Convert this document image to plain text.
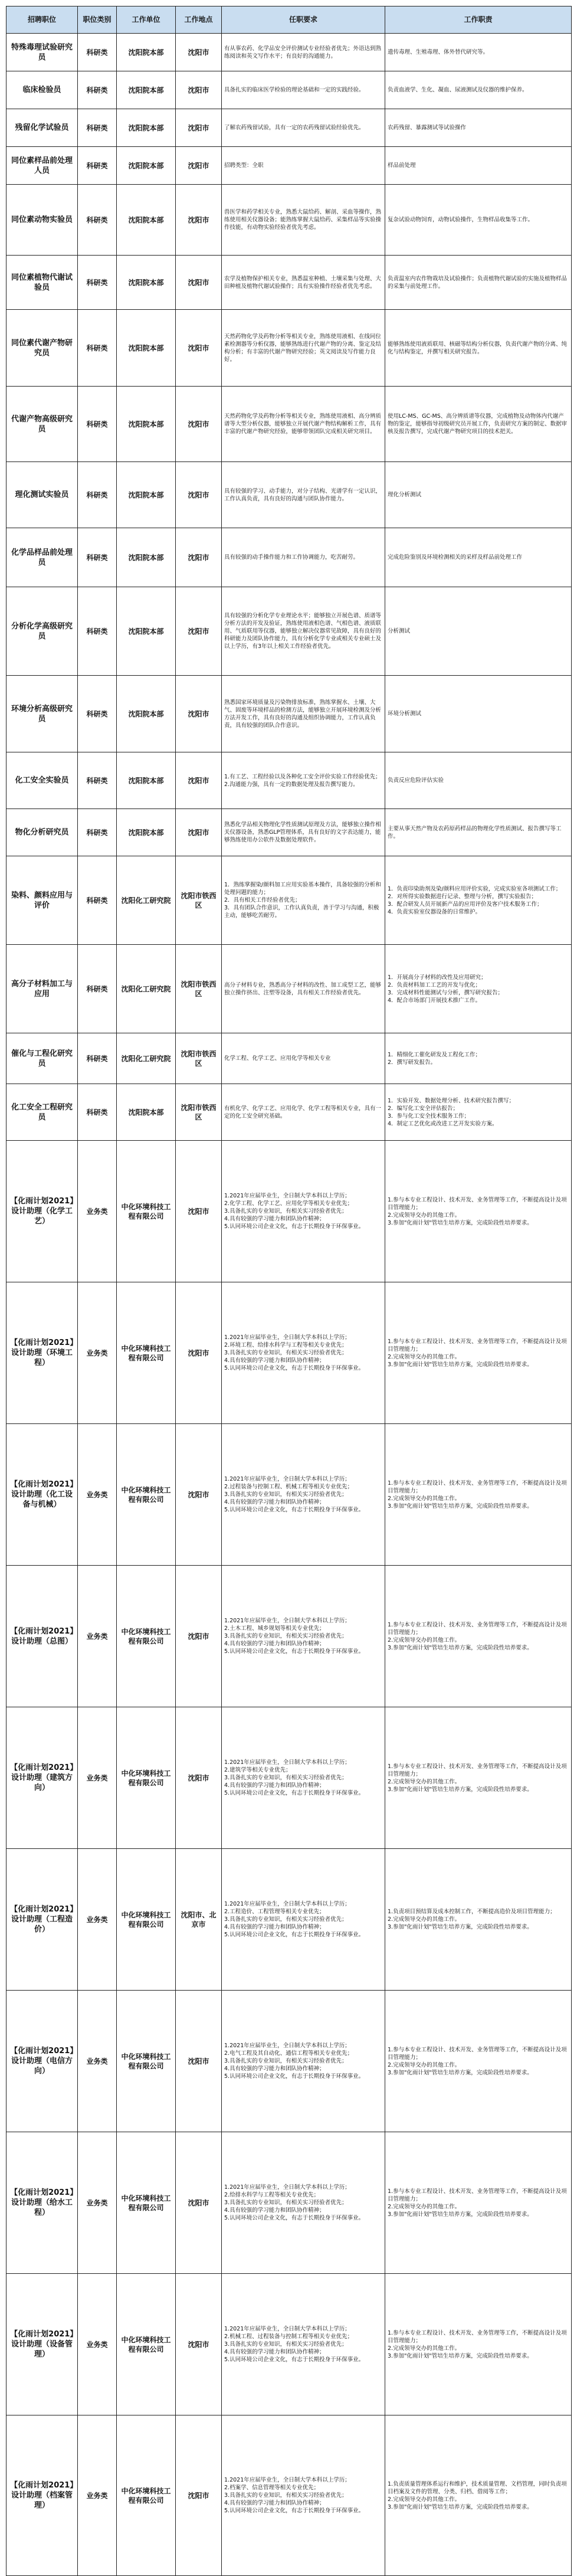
招聘职位	职位类别	工作单位	工作地点	任职要求	工作职责
特殊毒理试验研究员	科研类	沈阳院本部	沈阳市	有从事农药、化学品安全评价测试专业经验者优先；外语达到熟练阅读和英文写作水平；有良好的沟通能力。	遗传毒理、生殖毒理、体外替代研究等。

临床检验员	科研类	沈阳院本部	沈阳市	具备扎实的临床医学检验的理论基础和一定的实践经验。	负责血液学、生化、凝血、尿液测试及仪器的维护保养。

残留化学试验员	科研类	沈阳院本部	沈阳市	了解农药残留试验，具有一定的农药残留试验经验优先。	农药残留、暴露测试等试验操作

同位素样品前处理人员	科研类	沈阳院本部	沈阳市	招聘类型：全职	样品前处理

同位素动物实验员	科研类	沈阳院本部	沈阳市	兽医学和药学相关专业，熟悉大鼠给药、解剖、采血等操作，熟练使用相关仪器设备；能熟练掌握大鼠给药、采集样品等实验操作技能，有动物实验经验者优先考虑。	复杂试验动物饲育，动物试验操作，生物样品收集等工作。

同位素植物代谢试验员	科研类	沈阳院本部	沈阳市	农学及植物保护相关专业，熟悉温室种植、土壤采集与处理、大田种植及植物代谢试验操作；具有实验操作经验者优先考虑。	负责温室内农作物栽培及试验操作；负责植物代谢试验的实施及植物样品的采集与前处理工作。

同位素代谢产物研究员	科研类	沈阳院本部	沈阳市	天然药物化学及药物分析等相关专业，熟练使用液相、在线同位素检测器等分析仪器，能够熟练进行代谢产物的分离、鉴定及结构分析；有丰富的代谢产物研究经验；英文阅读及写作能力良好。	能够熟练使用液质联用、核磁等结构分析仪器，负责代谢产物的分离、纯化与结构鉴定，并撰写相关研究报告。

代谢产物高级研究员	科研类	沈阳院本部	沈阳市	天然药物化学及药物分析等相关专业，熟练使用液相、高分辨质谱等大型分析仪器，能够独立开展代谢产物结构解析工作，具有丰富的代谢产物研究经验，能够带领团队完成相关研究项目。	使用LC-MS、GC-MS、高分辨质谱等仪器，完成植物及动物体内代谢产物的鉴定，能够指导初级研究员开展工作，负责研究方案的制定、数据审核及报告撰写，完成代谢产物研究项目的技术把关。

理化测试实验员	科研类	沈阳院本部	沈阳市	具有较强的学习、动手能力，对分子结构、光谱学有一定认识，工作认真负责，具有良好的沟通与团队协作能力。	理化分析测试

化学品样品前处理员	科研类	沈阳院本部	沈阳市	具有较强的动手操作能力和工作协调能力，吃苦耐劳。	完成危险鉴别及环境检测相关的采样及样品前处理工作

分析化学高级研究员	科研类	沈阳院本部	沈阳市	具有较强的分析化学专业理论水平；能够独立开展色谱、质谱等分析方法的开发及验证，熟练使用液相色谱、气相色谱、液质联用、气质联用等仪器，能够独立解决仪器常见故障，具有良好的科研能力及团队协作能力，具有分析化学专业或相关专业硕士及以上学历，有3年以上相关工作经验者优先。	分析测试

环境分析高级研究员	科研类	沈阳院本部	沈阳市	熟悉国家环境质量及污染物排放标准，熟练掌握水、土壤、大气、固废等环境样品的检测方法，能够独立开展环境检测及分析方法开发工作，具有良好的沟通及组织协调能力，工作认真负责，具有较强的团队合作意识。	环境分析测试

化工安全实验员	科研类	沈阳院本部	沈阳市	1.有工艺、工程经验以及各种化工安全评价实验工作经验优先；
2.沟通能力强，具有一定的数据处理及报告撰写能力。	负责反应危险评估实验

物化分析研究员	科研类	沈阳院本部	沈阳市	熟悉化学品相关物理化学性质测试原理及方法，能够独立操作相关仪器设备，熟悉GLP管理体系，具有良好的文字表达能力，能够熟练使用办公软件及数据处理软件。	主要从事天然产物及农药原药样品的物理化学性质测试、报告撰写等工作。

染料、颜料应用与评价	科研类	沈阳化工研究院	沈阳市铁西区	1．熟练掌握染/颜料加工应用实验基本操作，具备较强的分析和处理问题的能力；
2．具有相关工作经验者优先；
3．具有团队合作意识，工作认真负责，善于学习与沟通，积极主动，能够吃苦耐劳。	1．负责印染助剂及染/颜料应用评价实验，完成实验室各项测试工作；
2．对所得实验数据进行记录、整理与分析，撰写实验报告；
3．配合研发人员开展新产品的应用评价及客户技术服务工作；
4．负责实验室仪器设备的日常维护。

高分子材料加工与应用	科研类	沈阳化工研究院	沈阳市铁西区	高分子材料专业，熟悉高分子材料的改性、加工成型工艺，能够独立操作挤出、注塑等设备，具有相关工作经验者优先。	1．开展高分子材料的改性及应用研究；
2．负责材料加工工艺的开发与优化；
3．完成材料性能测试与分析，撰写研究报告；
4．配合市场部门开展技术推广工作。

催化与工程化研究员	科研类	沈阳化工研究院	沈阳市铁西区	化学工程、化学工艺、应用化学等相关专业	1．精细化工催化研发及工程化工作；
2．撰写研发报告。

化工安全工程研究员	科研类	沈阳院本部	沈阳市铁西区	有机化学、化学工艺、应用化学、化学工程等相关专业，具有一定的化工安全研究基础。	1．实验开发、数据处理分析、技术研究报告撰写；
2．编写化工安全评估报告；
3．参与化工安全技术服务工作；
4．制定工艺优化或改进工艺开发实验方案。

【化雨计划2021】设计助理（化学工艺）	业务类	中化环境科技工程有限公司	沈阳市	1.2021年应届毕业生，全日制大学本科以上学历；
2.化学工程、化学工艺、应用化学等相关专业优先；
3.具备扎实的专业知识，有相关实习经验者优先；
4.具有较强的学习能力和团队协作精神；
5.认同环境公司企业文化，有志于长期投身于环保事业。	1.参与本专业工程设计、技术开发、业务管理等工作，不断提高设计及项目管理能力；
2.完成领导交办的其他工作。
3.参加"化雨计划"管培生培养方案，完成阶段性培养要求。

【化雨计划2021】设计助理（环境工程）	业务类	中化环境科技工程有限公司	沈阳市	1.2021年应届毕业生，全日制大学本科以上学历；
2.环境工程、给排水科学与工程等相关专业优先；
3.具备扎实的专业知识，有相关实习经验者优先；
4.具有较强的学习能力和团队协作精神；
5.认同环境公司企业文化，有志于长期投身于环保事业。	1.参与本专业工程设计、技术开发、业务管理等工作，不断提高设计及项目管理能力；
2.完成领导交办的其他工作。
3.参加"化雨计划"管培生培养方案，完成阶段性培养要求。

【化雨计划2021】设计助理（化工设备与机械）	业务类	中化环境科技工程有限公司	沈阳市	1.2021年应届毕业生，全日制大学本科以上学历；
2.过程装备与控制工程、机械工程等相关专业优先；
3.具备扎实的专业知识，有相关实习经验者优先；
4.具有较强的学习能力和团队协作精神；
5.认同环境公司企业文化，有志于长期投身于环保事业。	1.参与本专业工程设计、技术开发、业务管理等工作，不断提高设计及项目管理能力；
2.完成领导交办的其他工作。
3.参加"化雨计划"管培生培养方案，完成阶段性培养要求。

【化雨计划2021】设计助理（总图）	业务类	中化环境科技工程有限公司	沈阳市	1.2021年应届毕业生，全日制大学本科以上学历；
2.土木工程、城乡规划等相关专业优先；
3.具备扎实的专业知识，有相关实习经验者优先；
4.具有较强的学习能力和团队协作精神；
5.认同环境公司企业文化，有志于长期投身于环保事业。	1.参与本专业工程设计、技术开发、业务管理等工作，不断提高设计及项目管理能力；
2.完成领导交办的其他工作。
3.参加"化雨计划"管培生培养方案，完成阶段性培养要求。

【化雨计划2021】设计助理（建筑方向）	业务类	中化环境科技工程有限公司	沈阳市	1.2021年应届毕业生，全日制大学本科以上学历；
2.建筑学等相关专业优先；
3.具备扎实的专业知识，有相关实习经验者优先；
4.具有较强的学习能力和团队协作精神；
5.认同环境公司企业文化，有志于长期投身于环保事业。	1.参与本专业工程设计、技术开发、业务管理等工作，不断提高设计及项目管理能力；
2.完成领导交办的其他工作。
3.参加"化雨计划"管培生培养方案，完成阶段性培养要求。

【化雨计划2021】设计助理（工程造价）	业务类	中化环境科技工程有限公司	沈阳市、北京市	1.2021年应届毕业生，全日制大学本科以上学历；
2.工程造价、工程管理等相关专业优先；
3.具备扎实的专业知识，有相关实习经验者优先；
4.具有较强的学习能力和团队协作精神；
5.认同环境公司企业文化，有志于长期投身于环保事业。	1.负责项目预结算及成本控制工作，不断提高造价及项目管理能力；
2.完成领导交办的其他工作。
3.参加"化雨计划"管培生培养方案，完成阶段性培养要求。

【化雨计划2021】设计助理（电信方向）	业务类	中化环境科技工程有限公司	沈阳市	1.2021年应届毕业生，全日制大学本科以上学历；
2.电气工程及其自动化、通信工程等相关专业优先；
3.具备扎实的专业知识，有相关实习经验者优先；
4.具有较强的学习能力和团队协作精神；
5.认同环境公司企业文化，有志于长期投身于环保事业。	1.参与本专业工程设计、技术开发、业务管理等工作，不断提高设计及项目管理能力；
2.完成领导交办的其他工作。
3.参加"化雨计划"管培生培养方案，完成阶段性培养要求。

【化雨计划2021】设计助理（给水工程）	业务类	中化环境科技工程有限公司	沈阳市	1.2021年应届毕业生，全日制大学本科以上学历；
2.给排水科学与工程等相关专业优先；
3.具备扎实的专业知识，有相关实习经验者优先；
4.具有较强的学习能力和团队协作精神；
5.认同环境公司企业文化，有志于长期投身于环保事业。	1.参与本专业工程设计、技术开发、业务管理等工作，不断提高设计及项目管理能力；
2.完成领导交办的其他工作。
3.参加"化雨计划"管培生培养方案，完成阶段性培养要求。

【化雨计划2021】设计助理（设备管理）	业务类	中化环境科技工程有限公司	沈阳市	1.2021年应届毕业生，全日制大学本科以上学历；
2.机械工程、过程装备与控制工程等相关专业优先；
3.具备扎实的专业知识，有相关实习经验者优先；
4.具有较强的学习能力和团队协作精神；
5.认同环境公司企业文化，有志于长期投身于环保事业。	1.参与本专业工程设计、技术开发、业务管理等工作，不断提高设计及项目管理能力；
2.完成领导交办的其他工作。
3.参加"化雨计划"管培生培养方案，完成阶段性培养要求。

【化雨计划2021】设计助理（档案管理）	业务类	中化环境科技工程有限公司	沈阳市	1.2021年应届毕业生，全日制大学本科以上学历；
2.档案学、信息管理等相关专业优先；
3.具备扎实的专业知识，有相关实习经验者优先；
4.具有较强的学习能力和团队协作精神；
5.认同环境公司企业文化，有志于长期投身于环保事业。	1.负责质量管理体系运行和维护，技术质量管理、文档管理，同时负责项目档案及文件的管理、分类、归档、借阅等工作；
2.完成领导交办的其他工作。
3.参加"化雨计划"管培生培养方案，完成阶段性培养要求。
